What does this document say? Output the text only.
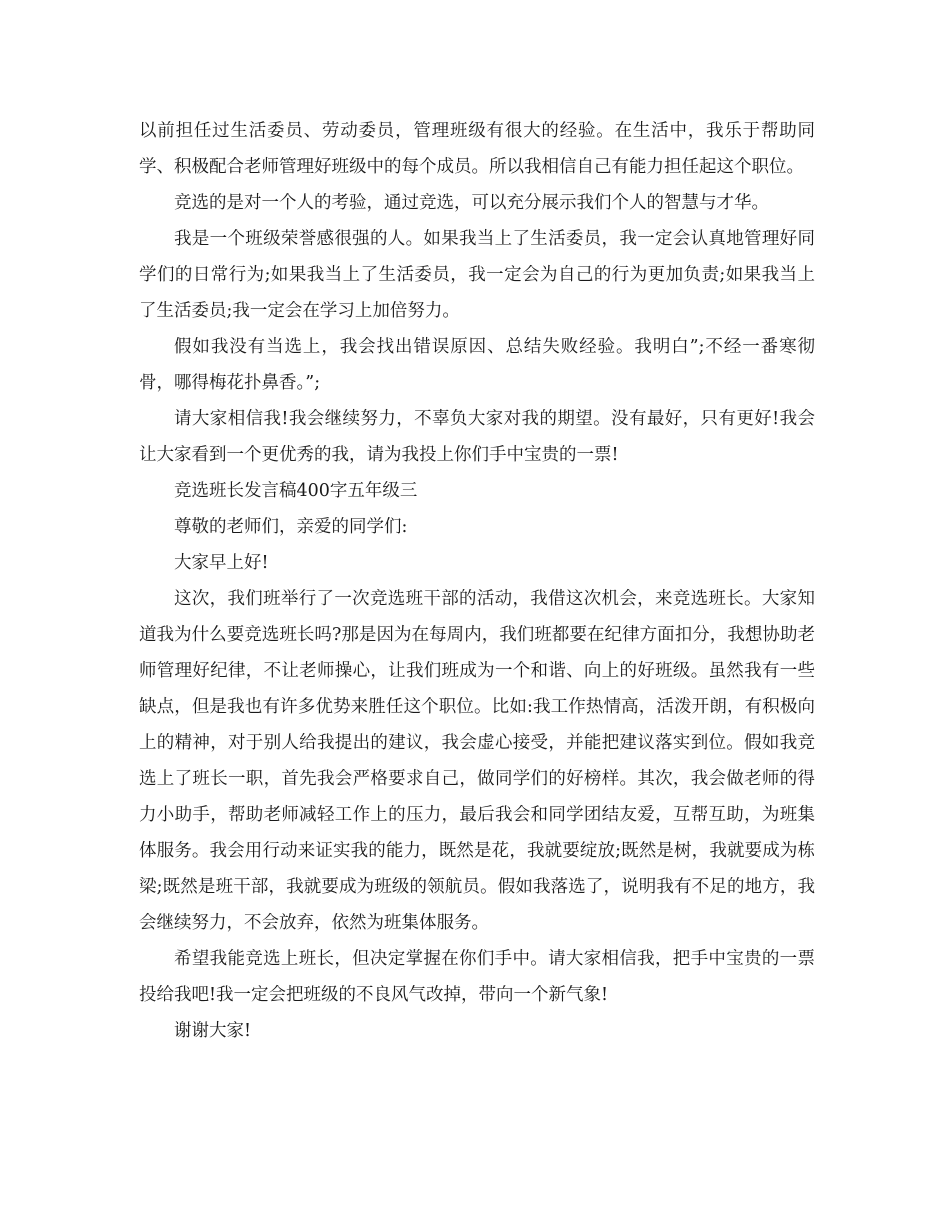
以前担任过生活委员、劳动委员，管理班级有很大的经验。在生活中，我乐于帮助同学、积极配合老师管理好班级中的每个成员。所以我相信自己有能力担任起这个职位。

竞选的是对一个人的考验，通过竞选，可以充分展示我们个人的智慧与才华。

我是一个班级荣誉感很强的人。如果我当上了生活委员，我一定会认真地管理好同学们的日常行为;如果我当上了生活委员，我一定会为自己的行为更加负责;如果我当上了生活委员;我一定会在学习上加倍努力。

假如我没有当选上，我会找出错误原因、总结失败经验。我明白”;不经一番寒彻骨，哪得梅花扑鼻香。”;

请大家相信我!我会继续努力，不辜负大家对我的期望。没有最好，只有更好!我会让大家看到一个更优秀的我，请为我投上你们手中宝贵的一票!

竞选班长发言稿400字五年级三

尊敬的老师们，亲爱的同学们:

大家早上好!

这次，我们班举行了一次竞选班干部的活动，我借这次机会，来竞选班长。大家知道我为什么要竞选班长吗?那是因为在每周内，我们班都要在纪律方面扣分，我想协助老师管理好纪律，不让老师操心，让我们班成为一个和谐、向上的好班级。虽然我有一些缺点，但是我也有许多优势来胜任这个职位。比如:我工作热情高，活泼开朗，有积极向上的精神，对于别人给我提出的建议，我会虚心接受，并能把建议落实到位。假如我竞选上了班长一职，首先我会严格要求自己，做同学们的好榜样。其次，我会做老师的得力小助手，帮助老师减轻工作上的压力，最后我会和同学团结友爱，互帮互助，为班集体服务。我会用行动来证实我的能力，既然是花，我就要绽放;既然是树，我就要成为栋梁;既然是班干部，我就要成为班级的领航员。假如我落选了，说明我有不足的地方，我会继续努力，不会放弃，依然为班集体服务。

希望我能竞选上班长，但决定掌握在你们手中。请大家相信我，把手中宝贵的一票投给我吧!我一定会把班级的不良风气改掉，带向一个新气象!

谢谢大家!
